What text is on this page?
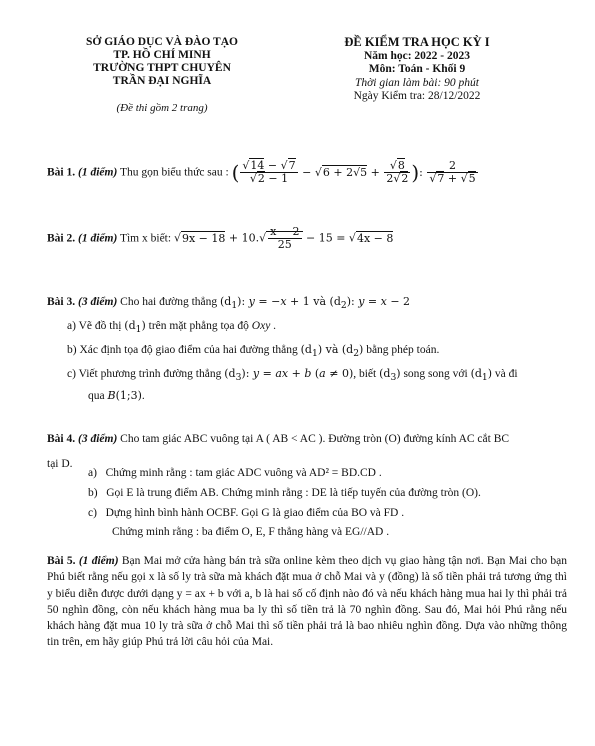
SỞ GIÁO DỤC VÀ ĐÀO TẠO
TP. HỒ CHÍ MINH
TRƯỜNG THPT CHUYÊN
TRẦN ĐẠI NGHĨA
(Đề thi gồm 2 trang)
ĐỀ KIỂM TRA HỌC KỲ I
Năm học: 2022 - 2023
Môn: Toán - Khối 9
Thời gian làm bài: 90 phút
Ngày Kiểm tra: 28/12/2022
Bài 1. (1 điểm) Thu gọn biểu thức sau : ( $\frac{√14 - √7}{√2 - 1} - √6 + 2√5 + \frac{√8}{2√2}$ ): $\frac{2}{√7 + √5}$
Bài 2. (1 điểm) Tìm x biết: $√9x - 18 + 10.√ \frac{x - 2}{25} - 15 = √4x - 8$
Bài 3. (3 điểm) Cho hai đường thẳng $(d_1)$: y = −x + 1 và $(d_2)$: y = x − 2
a) Vẽ đồ thị $(d_1)$ trên mặt phẳng tọa độ Oxy .
b) Xác định tọa độ giao điểm của hai đường thẳng $(d_1)$ và $(d_2)$ bằng phép toán.
c) Viết phương trình đường thẳng $(d_3)$: y = ax + b (a ≠ 0), biết $(d_3)$ song song với $(d_1)$ và đi
qua B(1;3).
Bài 4. (3 điểm) Cho tam giác ABC vuông tại A ( AB < AC ). Đường tròn (O) đường kính AC cắt BC
tại D.
a)   Chứng minh rằng : tam giác ADC vuông và AD² = BD.CD .
b)   Gọi E là trung điểm AB. Chứng minh rằng : DE là tiếp tuyến của đường tròn (O).
c)   Dựng hình bình hành OCBF. Gọi G là giao điểm của BO và FD .
Chứng minh rằng : ba điểm O, E, F thẳng hàng và EG//AD .
Bài 5. (1 điểm) Bạn Mai mở cửa hàng bán trà sữa online kèm theo dịch vụ giao hàng tận nơi. Bạn Mai cho bạn Phú biết rằng nếu gọi x là số ly trà sữa mà khách đặt mua ở chỗ Mai và y (đồng) là số tiền phải trả tương ứng thì y biểu diễn được dưới dạng y = ax + b với a, b là hai số cố định nào đó và nếu khách hàng mua hai ly thì phải trả 50 nghìn đồng, còn nếu khách hàng mua ba ly thì số tiền trả là 70 nghìn đồng. Sau đó, Mai hỏi Phú rằng nếu khách hàng đặt mua 10 ly trà sữa ở chỗ Mai thì số tiền phải trả là bao nhiêu nghìn đồng. Dựa vào những thông tin trên, em hãy giúp Phú trả lời câu hỏi của Mai.
